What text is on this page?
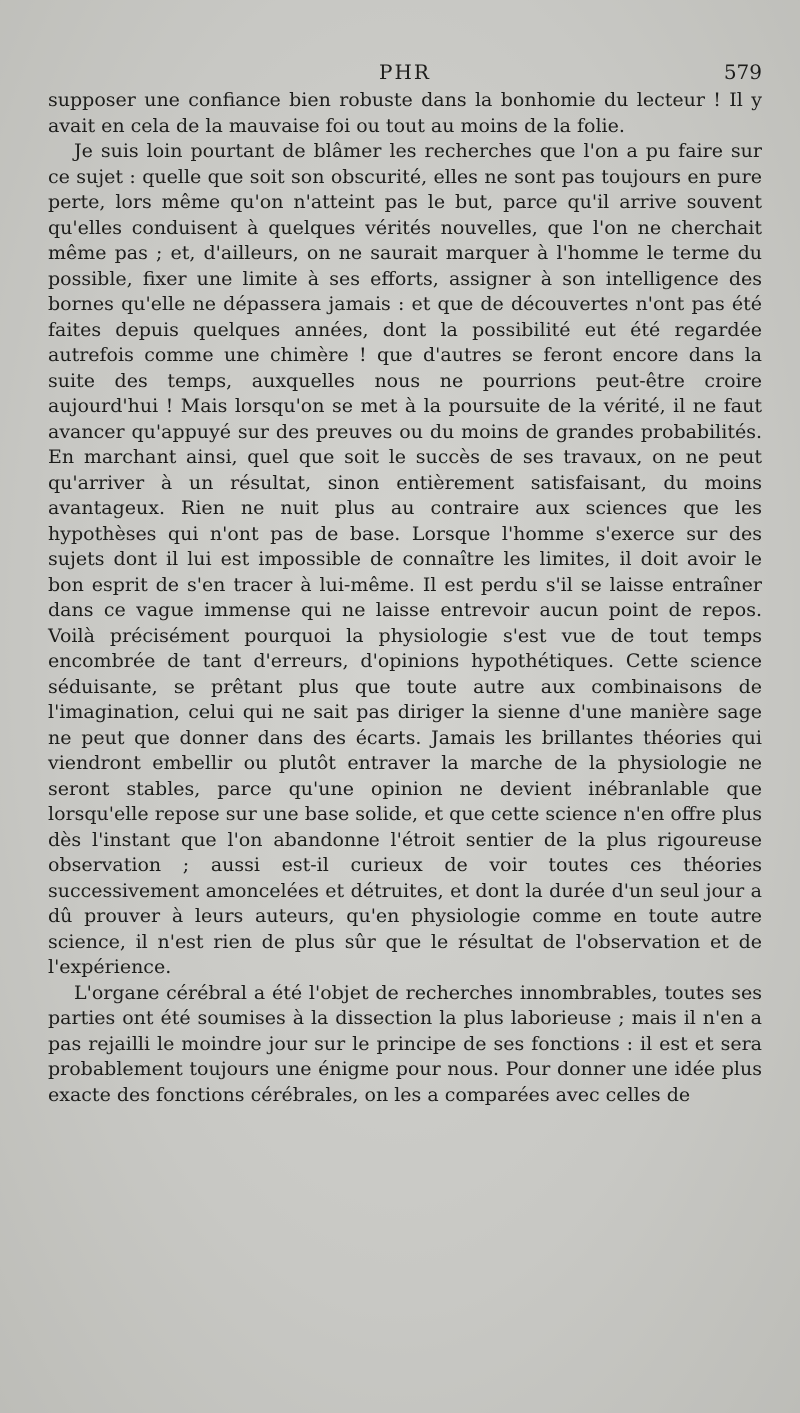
PHR	579

supposer une confiance bien robuste dans la bonhomie du lecteur ! Il y avait en cela de la mauvaise foi ou tout au moins de la folie.

Je suis loin pourtant de blâmer les recherches que l'on a pu faire sur ce sujet : quelle que soit son obscurité, elles ne sont pas toujours en pure perte, lors même qu'on n'atteint pas le but, parce qu'il arrive souvent qu'elles conduisent à quelques vérités nouvelles, que l'on ne cherchait même pas ; et, d'ailleurs, on ne saurait marquer à l'homme le terme du possible, fixer une limite à ses efforts, assigner à son intelligence des bornes qu'elle ne dépassera jamais : et que de découvertes n'ont pas été faites depuis quelques années, dont la possibilité eut été regardée autrefois comme une chimère ! que d'autres se feront encore dans la suite des temps, auxquelles nous ne pourrions peut-être croire aujourd'hui ! Mais lorsqu'on se met à la poursuite de la vérité, il ne faut avancer qu'appuyé sur des preuves ou du moins de grandes probabilités. En marchant ainsi, quel que soit le succès de ses travaux, on ne peut qu'arriver à un résultat, sinon entièrement satisfaisant, du moins avantageux. Rien ne nuit plus au contraire aux sciences que les hypothèses qui n'ont pas de base. Lorsque l'homme s'exerce sur des sujets dont il lui est impossible de connaître les limites, il doit avoir le bon esprit de s'en tracer à lui-même. Il est perdu s'il se laisse entraîner dans ce vague immense qui ne laisse entrevoir aucun point de repos. Voilà précisément pourquoi la physiologie s'est vue de tout temps encombrée de tant d'erreurs, d'opinions hypothétiques. Cette science séduisante, se prêtant plus que toute autre aux combinaisons de l'imagination, celui qui ne sait pas diriger la sienne d'une manière sage ne peut que donner dans des écarts. Jamais les brillantes théories qui viendront embellir ou plutôt entraver la marche de la physiologie ne seront stables, parce qu'une opinion ne devient inébranlable que lorsqu'elle repose sur une base solide, et que cette science n'en offre plus dès l'instant que l'on abandonne l'étroit sentier de la plus rigoureuse observation ; aussi est-il curieux de voir toutes ces théories successivement amoncelées et détruites, et dont la durée d'un seul jour a dû prouver à leurs auteurs, qu'en physiologie comme en toute autre science, il n'est rien de plus sûr que le résultat de l'observation et de l'expérience.

L'organe cérébral a été l'objet de recherches innombrables, toutes ses parties ont été soumises à la dissection la plus laborieuse ; mais il n'en a pas rejailli le moindre jour sur le principe de ses fonctions : il est et sera probablement toujours une énigme pour nous. Pour donner une idée plus exacte des fonctions cérébrales, on les a comparées avec celles de
